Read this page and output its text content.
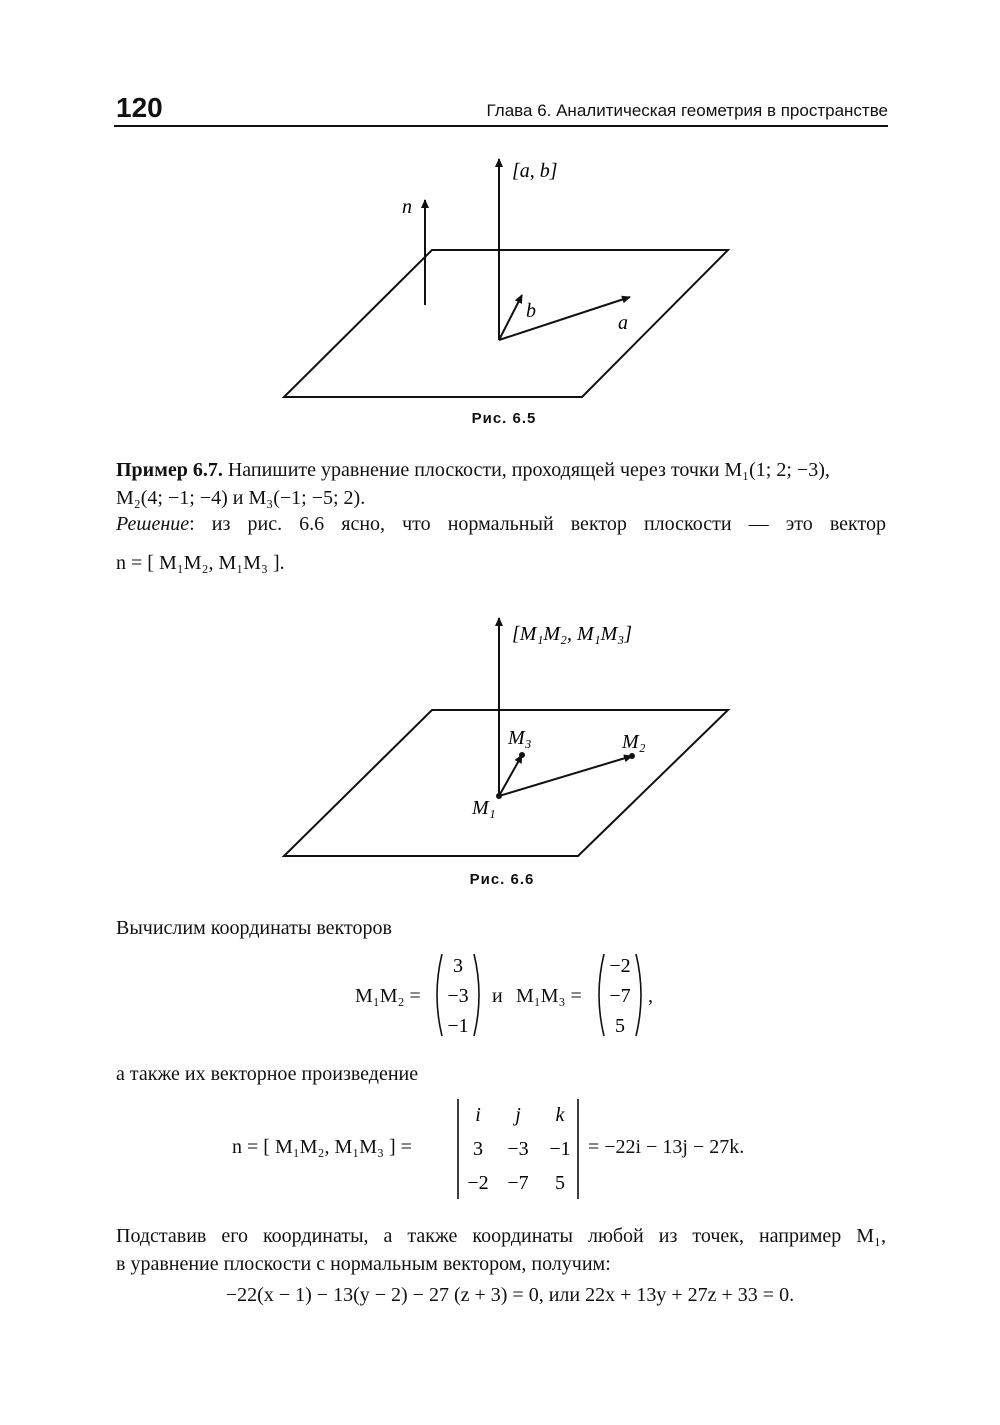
120	Глава 6. Аналитическая геометрия в пространстве
n
[a, b]
a
b
Рис. 6.5
Пример 6.7. Напишите уравнение плоскости, проходящей через точки M₁(1; 2; −3),
M₂(4; −1; −4) и M₃(−1; −5; 2).
Решение: из рис. 6.6 ясно, что нормальный вектор плоскости — это вектор
n = [ M₁M₂, M₁M₃ ].
[M₁M₂, M₁M₃]
M₁
M₂
M₃
Рис. 6.6
Вычислим координаты векторов
M₁M₂ =
3
−3
−1
и M₁M₃ =
−2
−7
5
,
а также их векторное произведение
n = [ M₁M₂, M₁M₃ ] =
i j k
3 −3 −1
−2 −7 5
= −22i − 13j − 27k.
Подставив его координаты, а также координаты любой из точек, например M₁,
в уравнение плоскости с нормальным вектором, получим:
−22(x − 1) − 13(y − 2) − 27 (z + 3) = 0, или 22x + 13y + 27z + 33 = 0.
